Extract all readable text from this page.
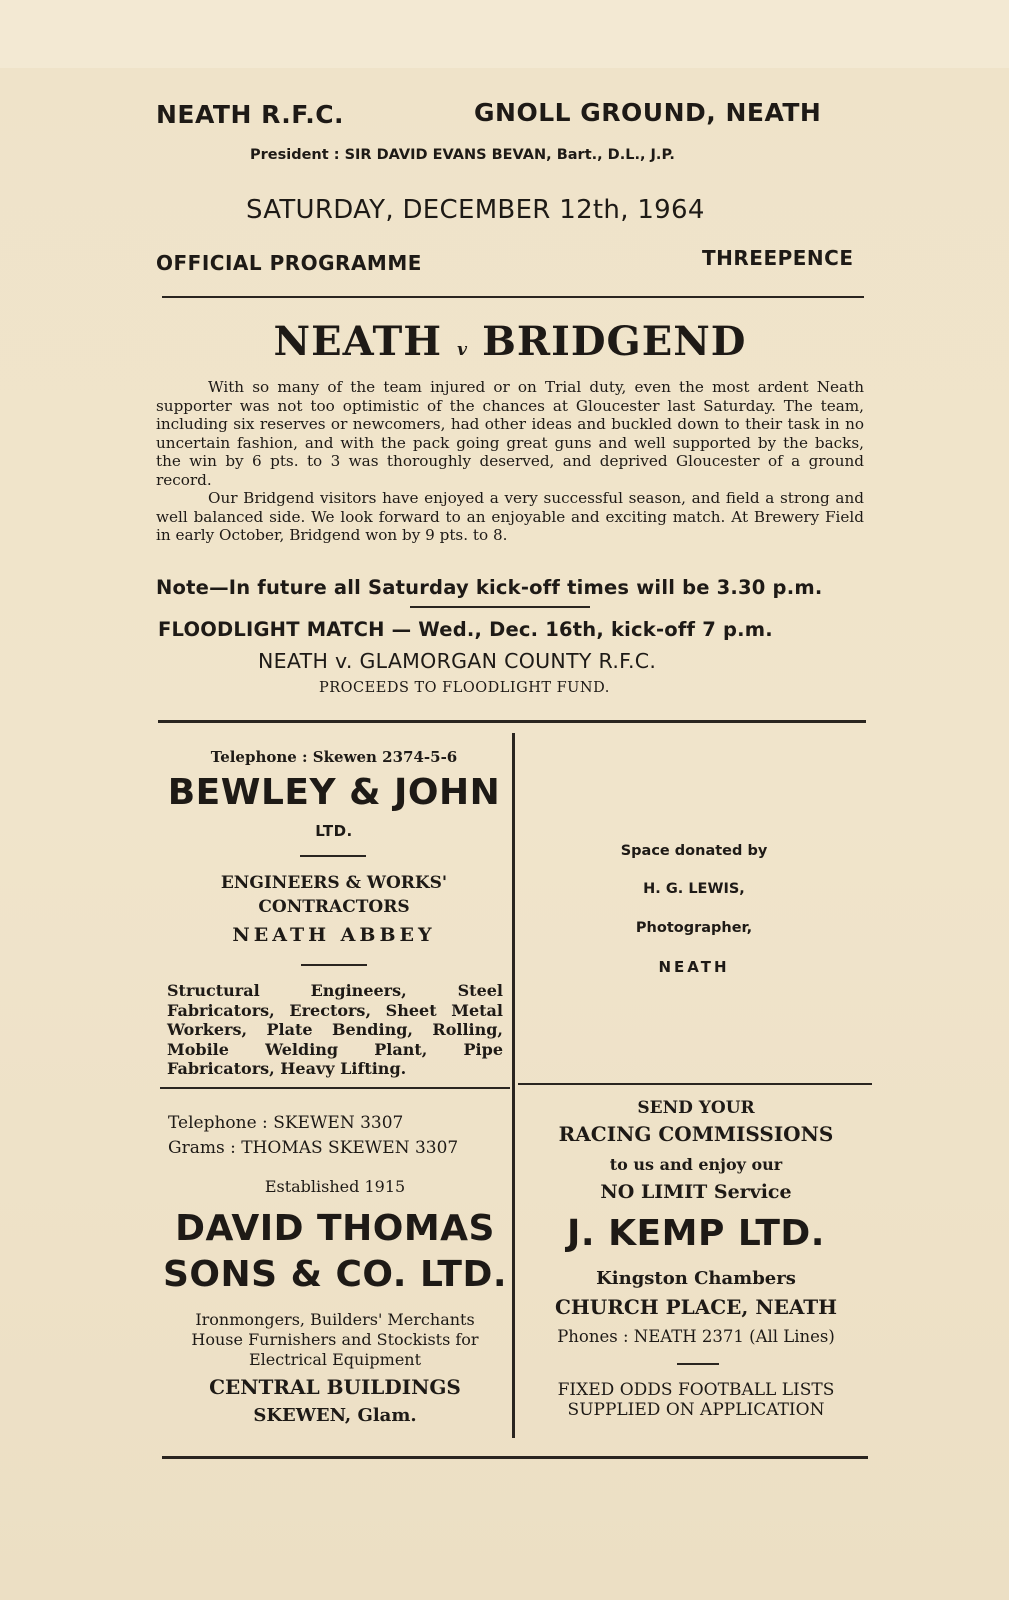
NEATH R.F.C.	GNOLL GROUND, NEATH
President : SIR DAVID EVANS BEVAN, Bart., D.L., J.P.
SATURDAY, DECEMBER 12th, 1964
OFFICIAL PROGRAMME	THREEPENCE
NEATH v BRIDGEND

With so many of the team injured or on Trial duty, even the most ardent Neath supporter was not too optimistic of the chances at Gloucester last Saturday. The team, including six reserves or newcomers, had other ideas and buckled down to their task in no uncertain fashion, and with the pack going great guns and well supported by the backs, the win by 6 pts. to 3 was thoroughly deserved, and deprived Gloucester of a ground record.

Our Bridgend visitors have enjoyed a very successful season, and field a strong and well balanced side. We look forward to an enjoyable and exciting match. At Brewery Field in early October, Bridgend won by 9 pts. to 8.

Note—In future all Saturday kick-off times will be 3.30 p.m.
FLOODLIGHT MATCH — Wed., Dec. 16th, kick-off 7 p.m.
NEATH v. GLAMORGAN COUNTY R.F.C.
PROCEEDS TO FLOODLIGHT FUND.
Telephone : Skewen 2374-5-6
BEWLEY & JOHN
LTD.
ENGINEERS & WORKS'
CONTRACTORS
NEATH ABBEY
Structural Engineers, Steel Fabricators, Erectors, Sheet Metal Workers, Plate Bending, Rolling, Mobile Welding Plant, Pipe Fabricators, Heavy Lifting.
Space donated by
H. G. LEWIS,
Photographer,
NEATH
Telephone : SKEWEN 3307
Grams : THOMAS SKEWEN 3307
Established 1915
DAVID THOMAS
SONS & CO. LTD.
Ironmongers, Builders' Merchants
House Furnishers and Stockists for
Electrical Equipment
CENTRAL BUILDINGS
SKEWEN, Glam.
SEND YOUR
RACING COMMISSIONS
to us and enjoy our
NO LIMIT Service
J. KEMP LTD.
Kingston Chambers
CHURCH PLACE, NEATH
Phones : NEATH 2371 (All Lines)
FIXED ODDS FOOTBALL LISTS
SUPPLIED ON APPLICATION
